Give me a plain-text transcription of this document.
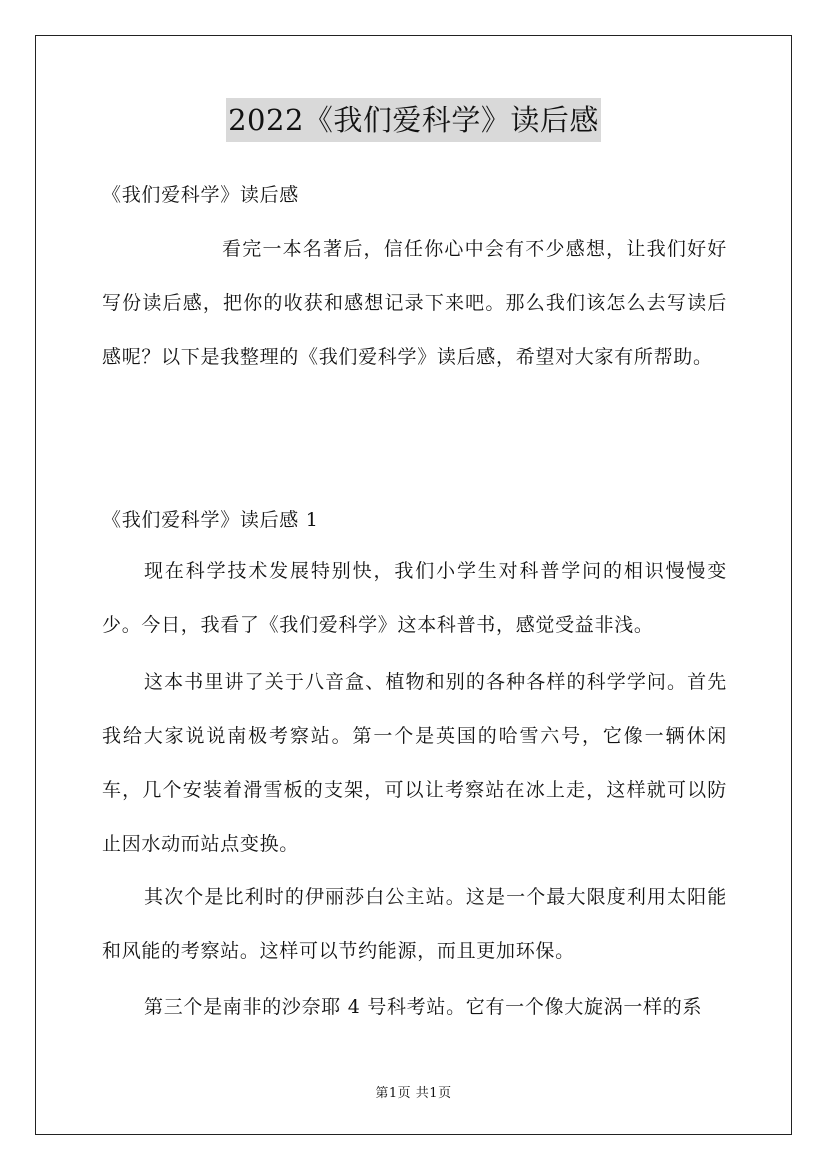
2022《我们爱科学》读后感

《我们爱科学》读后感

看完一本名著后，信任你心中会有不少感想，让我们好好写份读后感，把你的收获和感想记录下来吧。那么我们该怎么去写读后感呢？以下是我整理的《我们爱科学》读后感，希望对大家有所帮助。

《我们爱科学》读后感 1

现在科学技术发展特别快，我们小学生对科普学问的相识慢慢变少。今日，我看了《我们爱科学》这本科普书，感觉受益非浅。

这本书里讲了关于八音盒、植物和别的各种各样的科学学问。首先我给大家说说南极考察站。第一个是英国的哈雪六号，它像一辆休闲车，几个安装着滑雪板的支架，可以让考察站在冰上走，这样就可以防止因水动而站点变换。

其次个是比利时的伊丽莎白公主站。这是一个最大限度利用太阳能和风能的考察站。这样可以节约能源，而且更加环保。

第三个是南非的沙奈耶 4 号科考站。它有一个像大旋涡一样的系

第1页 共1页
